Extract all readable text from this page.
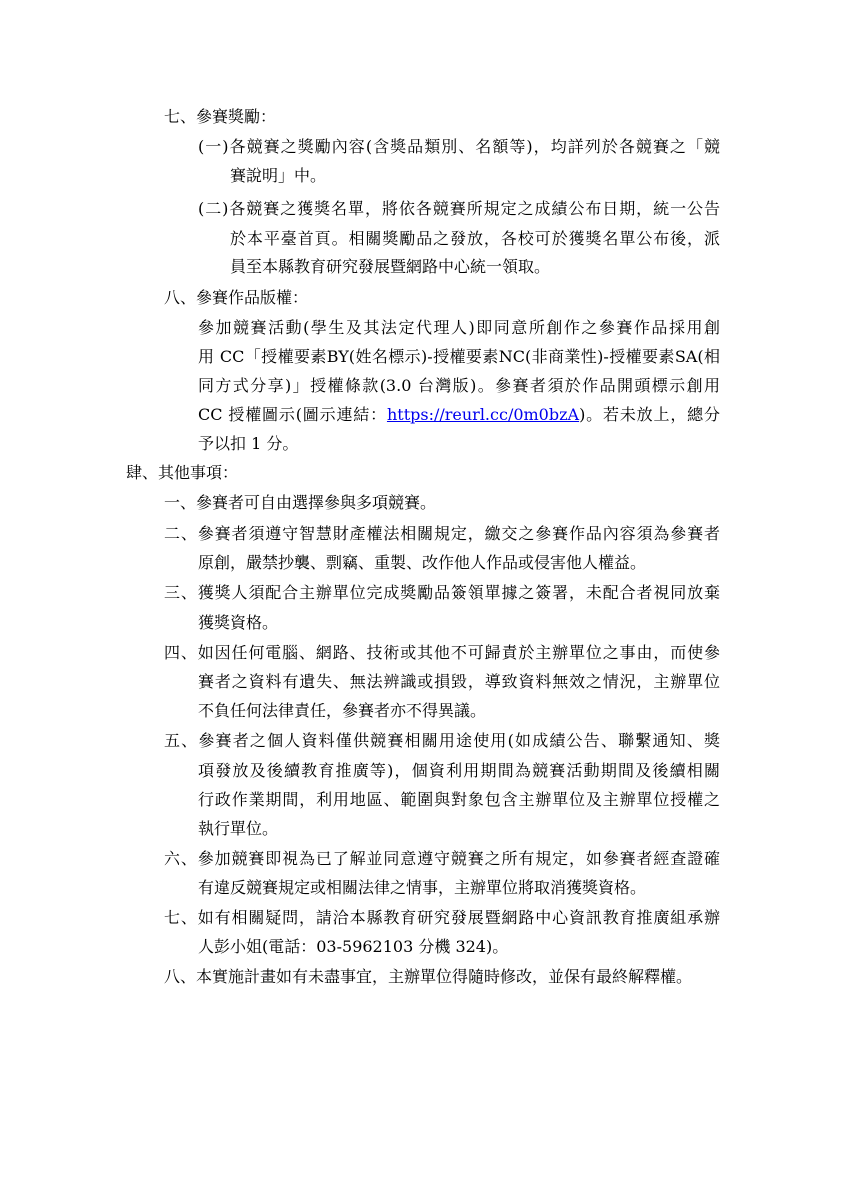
七、參賽獎勵：
(一)各競賽之獎勵內容(含獎品類別、名額等)，均詳列於各競賽之「競
賽說明」中。
(二)各競賽之獲獎名單，將依各競賽所規定之成績公布日期，統一公告
於本平臺首頁。相關獎勵品之發放，各校可於獲獎名單公布後，派
員至本縣教育研究發展暨網路中心統一領取。
八、參賽作品版權：
參加競賽活動(學生及其法定代理人)即同意所創作之參賽作品採用創
用 CC「授權要素BY(姓名標示)-授權要素NC(非商業性)-授權要素SA(相
同方式分享)」授權條款(3.0 台灣版)。參賽者須於作品開頭標示創用
CC 授權圖示(圖示連結：https://reurl.cc/0m0bzA)。若未放上，總分
予以扣 1 分。
肆、其他事項：
一、參賽者可自由選擇參與多項競賽。
二、參賽者須遵守智慧財產權法相關規定，繳交之參賽作品內容須為參賽者
原創，嚴禁抄襲、剽竊、重製、改作他人作品或侵害他人權益。
三、獲獎人須配合主辦單位完成獎勵品簽領單據之簽署，未配合者視同放棄
獲獎資格。
四、如因任何電腦、網路、技術或其他不可歸責於主辦單位之事由，而使參
賽者之資料有遺失、無法辨識或損毀，導致資料無效之情況，主辦單位
不負任何法律責任，參賽者亦不得異議。
五、參賽者之個人資料僅供競賽相關用途使用(如成績公告、聯繫通知、獎
項發放及後續教育推廣等)，個資利用期間為競賽活動期間及後續相關
行政作業期間，利用地區、範圍與對象包含主辦單位及主辦單位授權之
執行單位。
六、參加競賽即視為已了解並同意遵守競賽之所有規定，如參賽者經查證確
有違反競賽規定或相關法律之情事，主辦單位將取消獲獎資格。
七、如有相關疑問，請洽本縣教育研究發展暨網路中心資訊教育推廣組承辦
人彭小姐(電話：03-5962103 分機 324)。
八、本實施計畫如有未盡事宜，主辦單位得隨時修改，並保有最終解釋權。
